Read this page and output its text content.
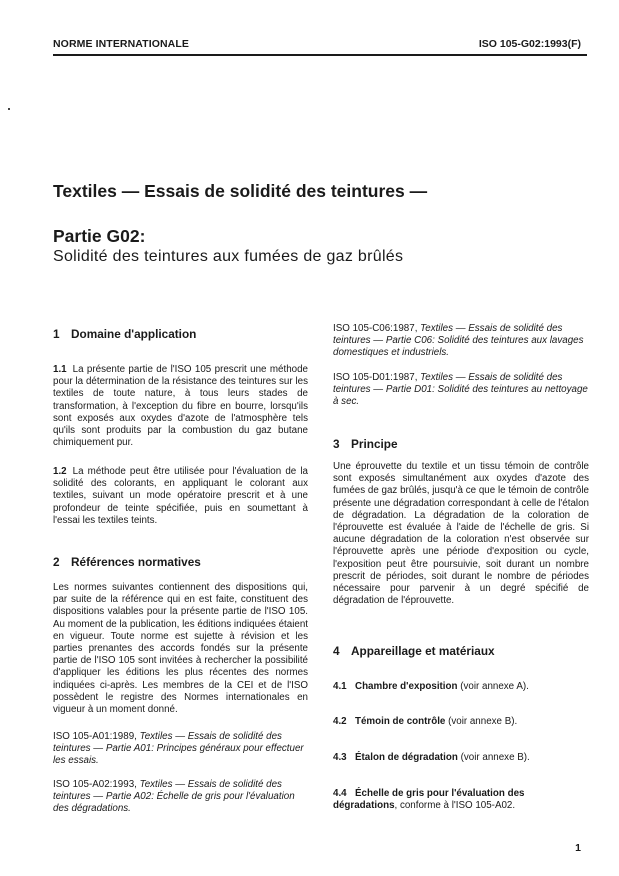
NORME INTERNATIONALE	ISO 105-G02:1993(F)
Textiles — Essais de solidité des teintures —
Partie G02:
Solidité des teintures aux fumées de gaz brûlés
1 Domaine d'application
1.1 La présente partie de l'ISO 105 prescrit une méthode pour la détermination de la résistance des teintures sur les textiles de toute nature, à tous leurs stades de transformation, à l'exception du fibre en bourre, lorsqu'ils sont exposés aux oxydes d'azote de l'atmosphère tels qu'ils sont produits par la combustion du gaz butane chimiquement pur.
1.2 La méthode peut être utilisée pour l'évaluation de la solidité des colorants, en appliquant le colorant aux textiles, suivant un mode opératoire prescrit et à une profondeur de teinte spécifiée, puis en soumettant à l'essai les textiles teints.
2 Références normatives
Les normes suivantes contiennent des dispositions qui, par suite de la référence qui en est faite, constituent des dispositions valables pour la présente partie de l'ISO 105. Au moment de la publication, les éditions indiquées étaient en vigueur. Toute norme est sujette à révision et les parties prenantes des accords fondés sur la présente partie de l'ISO 105 sont invitées à rechercher la possibilité d'appliquer les éditions les plus récentes des normes indiquées ci-après. Les membres de la CEI et de l'ISO possèdent le registre des Normes internationales en vigueur à un moment donné.
ISO 105-A01:1989, Textiles — Essais de solidité des teintures — Partie A01: Principes généraux pour effectuer les essais.
ISO 105-A02:1993, Textiles — Essais de solidité des teintures — Partie A02: Échelle de gris pour l'évaluation des dégradations.
ISO 105-C06:1987, Textiles — Essais de solidité des teintures — Partie C06: Solidité des teintures aux lavages domestiques et industriels.
ISO 105-D01:1987, Textiles — Essais de solidité des teintures — Partie D01: Solidité des teintures au nettoyage à sec.
3 Principe
Une éprouvette du textile et un tissu témoin de contrôle sont exposés simultanément aux oxydes d'azote des fumées de gaz brûlés, jusqu'à ce que le témoin de contrôle présente une dégradation correspondant à celle de l'étalon de dégradation. La dégradation de la coloration de l'éprouvette est évaluée à l'aide de l'échelle de gris. Si aucune dégradation de la coloration n'est observée sur l'éprouvette après une période d'exposition ou cycle, l'exposition peut être poursuivie, soit durant un nombre prescrit de périodes, soit durant le nombre de périodes nécessaire pour parvenir à un degré spécifié de dégradation de l'éprouvette.
4 Appareillage et matériaux
4.1 Chambre d'exposition (voir annexe A).
4.2 Témoin de contrôle (voir annexe B).
4.3 Étalon de dégradation (voir annexe B).
4.4 Échelle de gris pour l'évaluation des dégradations, conforme à l'ISO 105-A02.
1
